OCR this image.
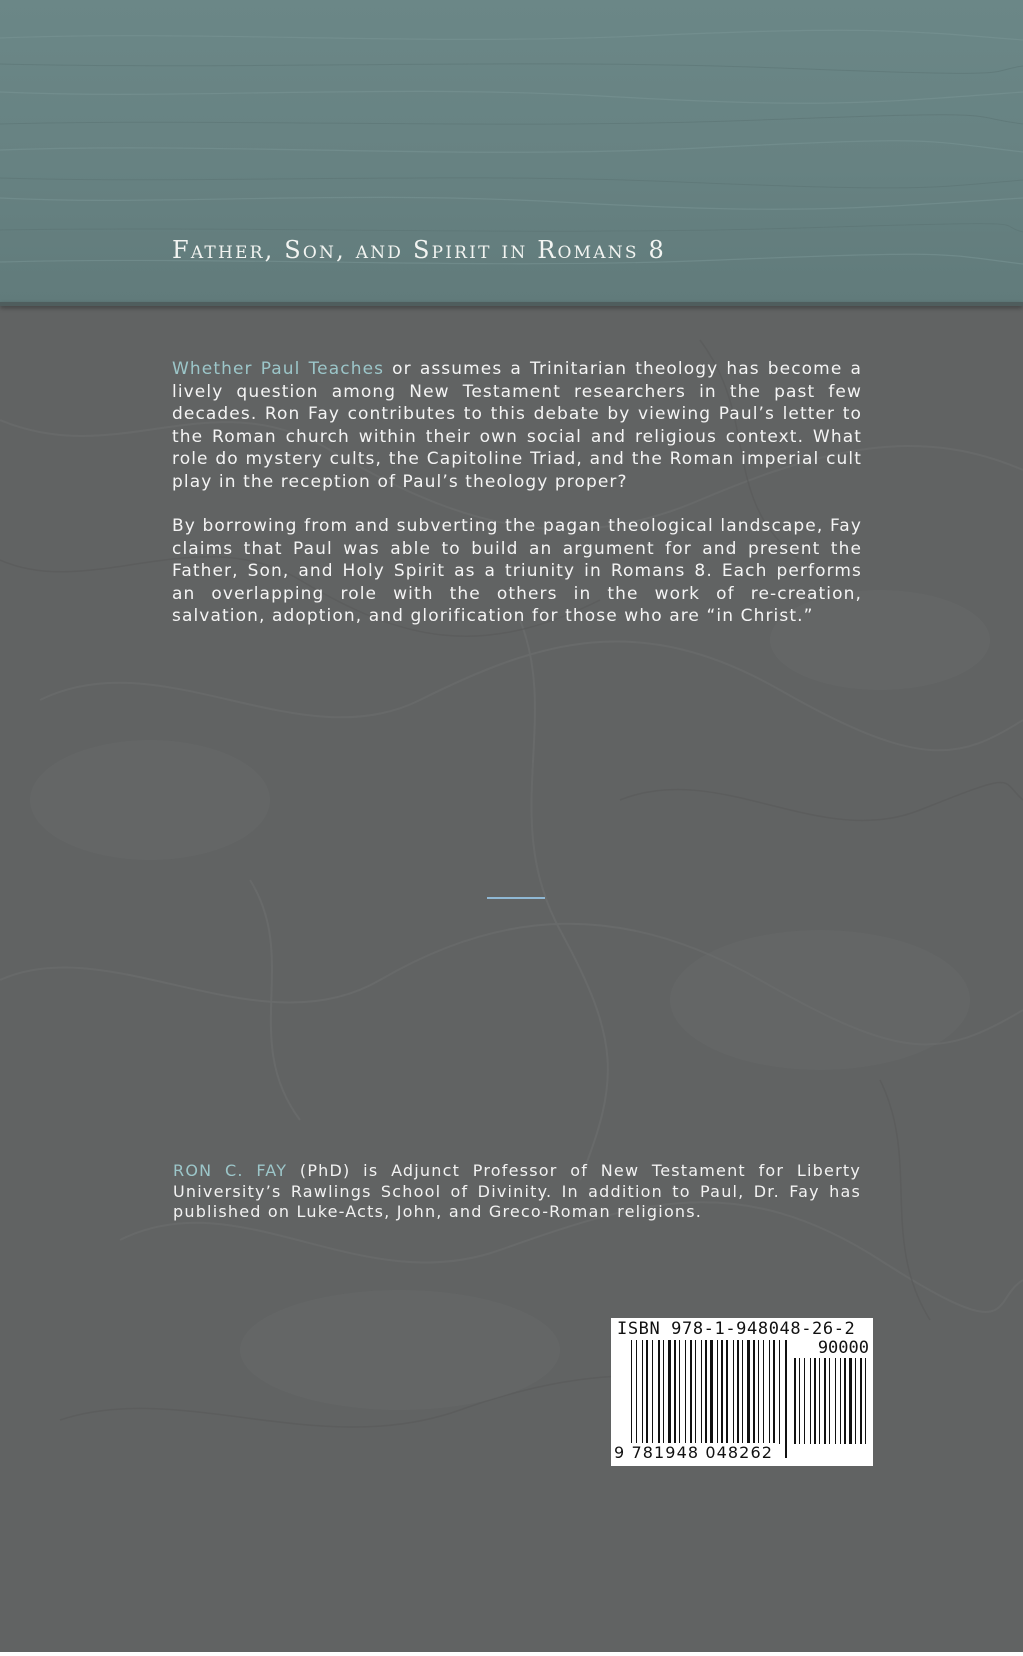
Father, Son, and Spirit in Romans 8

Whether Paul Teaches or assumes a Trinitarian theology has become a lively question among New Testament researchers in the past few decades. Ron Fay contributes to this debate by viewing Paul’s letter to the Roman church within their own social and religious context. What role do mystery cults, the Capitoline Triad, and the Roman imperial cult play in the reception of Paul’s theology proper?

By borrowing from and subverting the pagan theological landscape, Fay claims that Paul was able to build an argument for and present the Father, Son, and Holy Spirit as a triunity in Romans 8. Each performs an overlapping role with the others in the work of re-creation, salvation, adoption, and glorification for those who are “in Christ.”

RON C. FAY (PhD) is Adjunct Professor of New Testament for Liberty University’s Rawlings School of Divinity. In addition to Paul, Dr. Fay has published on Luke-Acts, John, and Greco-Roman religions.

ISBN 978-1-948048-26-2
90000
9 781948 048262
